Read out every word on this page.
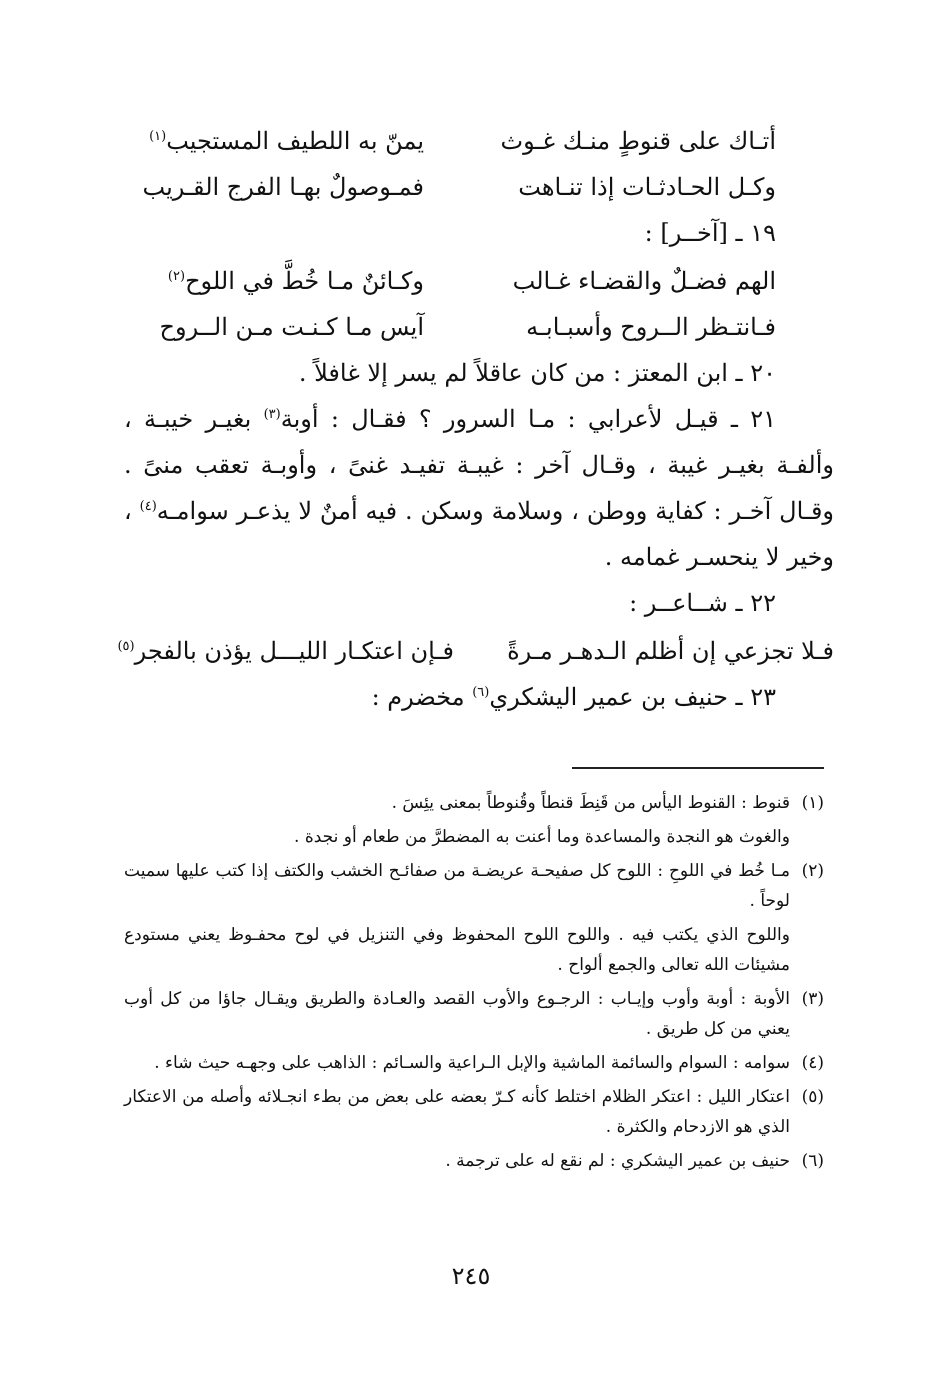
أتـاك على قنوطٍ منـك غـوث
يمنّ به اللطيف المستجيب$^{(١)}$
وكـل الحـادثـات إذا تنـاهت
فمـوصولٌ بهـا الفرج القـريب
١٩ ـ [آخــر] :
الهم فضـلٌ والقضـاء غـالب
وكـائنٌ مـا خُطَّ في اللوح$^{(٢)}$
فـانتـظر الــروح وأسبـابـه
آيس مـا كـنـت مـن الــروح

٢٠ ـ ابن المعتز : من كان عاقلاً لم يسر إلا غافلاً .

٢١ ـ قيـل لأعرابي : مـا السرور ؟ فقـال : أوبة$^{(٣)}$ بغيـر خيبـة ، وألفـة بغيـر غيبة ، وقـال آخر : غيبـة تفيـد غنىً ، وأوبـة تعقب منىً . وقـال آخـر : كفاية ووطن ، وسلامة وسكن . فيه أمنٌ لا يذعـر سوامـه$^{(٤)}$ ، وخير لا ينحسـر غمامه .

٢٢ ـ شــاعــر :
فـلا تجزعي إن أظلم الـدهـر مـرةً
فـإن اعتكـار الليـــل يؤذن بالفجر$^{(٥)}$
٢٣ ـ حنيف بن عمير اليشكري$^{(٦)}$ مخضرم :
(١)
قنوط : القنوط اليأس من قَنِطَ قنطاً وقُنوطاً بمعنى يئِسَ .
والغوث هو النجدة والمساعدة وما أعنت به المضطرَّ من طعام أو نجدة .
(٢)
مـا خُط في اللوحِ : اللوح كل صفيحـة عريضـة من صفائـح الخشب والكتف إذا كتب عليها سميت لوحاً .
واللوح الذي يكتب فيه . واللوح اللوح المحفوظ وفي التنزيل في لوح محفـوظ يعني مستودع مشيئات الله تعالى والجمع ألواح .
(٣)
الأوبة : أوبة وأوب وإيـاب : الرجـوع والأوب القصد والعـادة والطريق ويقـال جاؤا من كل أوب يعني من كل طريق .
(٤)
سوامه : السوام والسائمة الماشية والإبل الـراعية والسـائم : الذاهب على وجهـه حيث شاء .
(٥)
اعتكار الليل : اعتكر الظلام اختلط كأنه كـرّ بعضه على بعض من بطء انجـلائه وأصله من الاعتكار الذي هو الازدحام والكثرة .
(٦)
حنيف بن عمير اليشكري : لم نقع له على ترجمة .
٢٤٥
